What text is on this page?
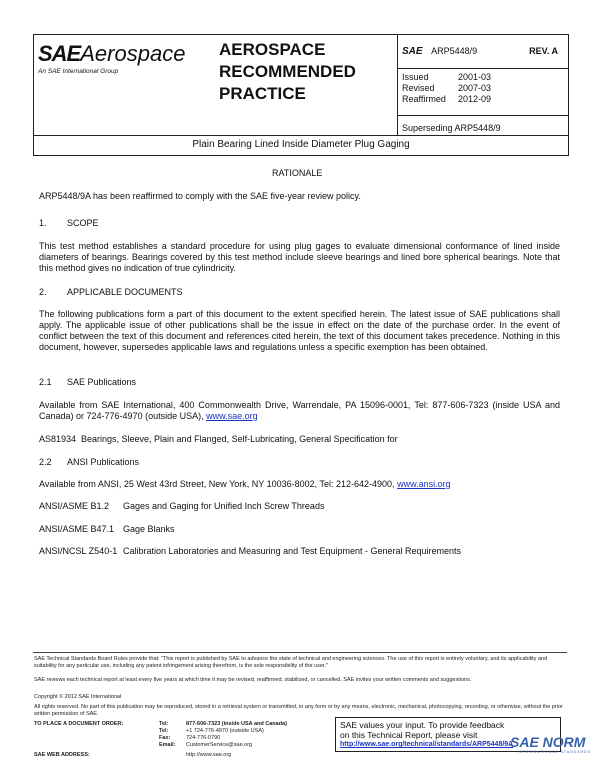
SAEAerospace
An SAE International Group
AEROSPACE
RECOMMENDED
PRACTICE
SAE ARP5448/9	REV. A
Issued	2001-03
Revised	2007-03
Reaffirmed 2012-09
Superseding ARP5448/9
Plain Bearing Lined Inside Diameter Plug Gaging
RATIONALE
ARP5448/9A has been reaffirmed to comply with the SAE five-year review policy.
1. SCOPE
This test method establishes a standard procedure for using plug gages to evaluate dimensional conformance of lined inside diameters of bearings. Bearings covered by this test method include sleeve bearings and lined bore spherical bearings. Note that this method gives no indication of true cylindricity.
2. APPLICABLE DOCUMENTS
The following publications form a part of this document to the extent specified herein. The latest issue of SAE publications shall apply. The applicable issue of other publications shall be the issue in effect on the date of the purchase order. In the event of conflict between the text of this document and references cited herein, the text of this document takes precedence. Nothing in this document, however, supersedes applicable laws and regulations unless a specific exemption has been obtained.
2.1 SAE Publications
Available from SAE International, 400 Commonwealth Drive, Warrendale, PA 15096-0001, Tel: 877-606-7323 (inside USA and Canada) or 724-776-4970 (outside USA), www.sae.org
AS81934 Bearings, Sleeve, Plain and Flanged, Self-Lubricating, General Specification for
2.2 ANSI Publications
Available from ANSI, 25 West 43rd Street, New York, NY 10036-8002, Tel: 212-642-4900, www.ansi.org
ANSI/ASME B1.2 Gages and Gaging for Unified Inch Screw Threads
ANSI/ASME B47.1 Gage Blanks
ANSI/NCSL Z540-1 Calibration Laboratories and Measuring and Test Equipment - General Requirements
SAE Technical Standards Board Rules provide that: "This report is published by SAE to advance the state of technical and engineering sciences. The use of this report is entirely voluntary, and its applicability and suitability for any particular use, including any patent infringement arising therefrom, is the sole responsibility of the user."
SAE reviews each technical report at least every five years at which time it may be revised, reaffirmed, stabilized, or cancelled. SAE invites your written comments and suggestions.
Copyright © 2012 SAE International
All rights reserved. No part of this publication may be reproduced, stored in a retrieval system or transmitted, in any form or by any means, electronic, mechanical, photocopying, recording, or otherwise, without the prior written permission of SAE.
TO PLACE A DOCUMENT ORDER:	Tel:	877-606-7323 (inside USA and Canada)
Tel:	+1 724-776-4970 (outside USA)
Fax:	724-776-0790
Email: CustomerService@sae.org
SAE WEB ADDRESS:	http://www.sae.org
SAE values your input. To provide feedback
on this Technical Report, please visit
http://www.sae.org/technical/standards/ARP5448/9A
SAE NORM
INTERNATIONAL STANDARDS
